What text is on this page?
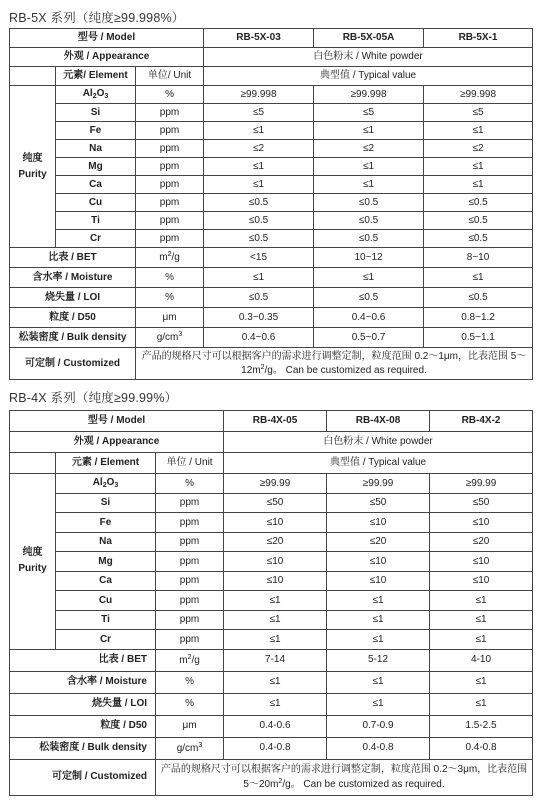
RB-5X 系列（纯度≥99.998%）
型号 / Model			RB-5X-03	RB-5X-05A	RB-5X-1
外观 / Appearance			白色粉末 / White powder		
	元素/ Element	单位/ Unit	典型值 / Typical value		
纯度
Purity	$Al_2O_3$	%	≥99.998	≥99.998	≥99.998
	Si	ppm	≤5	≤5	≤5
	Fe	ppm	≤1	≤1	≤1
	Na	ppm	≤2	≤2	≤2
	Mg	ppm	≤1	≤1	≤1
	Ca	ppm	≤1	≤1	≤1
	Cu	ppm	≤0.5	≤0.5	≤0.5
	Ti	ppm	≤0.5	≤0.5	≤0.5
	Cr	ppm	≤0.5	≤0.5	≤0.5
比表 / BET		$m^2/g$	<15	10~12	8~10
含水率 / Moisture		%	≤1	≤1	≤1
烧失量 / LOI		%	≤0.5	≤0.5	≤0.5
粒度 / D50		μm	0.3~0.35	0.4~0.6	0.8~1.2
松装密度 / Bulk density		$g/cm^3$	0.4~0.6	0.5~0.7	0.5~1.1
可定制 / Customized		产品的规格尺寸可以根据客户的需求进行调整定制，粒度范围 0.2～1μm，比表范围 $5\sim 12m^2/g$。 Can be customized as required.			
RB-4X 系列（纯度≥99.99%）
型号 / Model			RB-4X-05	RB-4X-08	RB-4X-2
外观 / Appearance			白色粉末 / White powder		
	元素 / Element	单位 / Unit	典型值 / Typical value		
纯度
Purity	$Al_2O_3$	%	≥99.99	≥99.99	≥99.99
	Si	ppm	≤50	≤50	≤50
	Fe	ppm	≤10	≤10	≤10
	Na	ppm	≤20	≤20	≤20
	Mg	ppm	≤10	≤10	≤10
	Ca	ppm	≤10	≤10	≤10
	Cu	ppm	≤1	≤1	≤1
	Ti	ppm	≤1	≤1	≤1
	Cr	ppm	≤1	≤1	≤1
比表 / BET		$m^2/g$	7-14	5-12	4-10
含水率 / Moisture		%	≤1	≤1	≤1
烧失量 / LOI		%	≤1	≤1	≤1
粒度 / D50		μm	0.4-0.6	0.7-0.9	1.5-2.5
松装密度 / Bulk density		$g/cm^3$	0.4-0.8	0.4-0.8	0.4-0.8
可定制 / Customized		产品的规格尺寸可以根据客户的需求进行调整定制，粒度范围 0.2～3μm，比表范围 $5\sim 20m^2/g$。 Can be customized as required.			
